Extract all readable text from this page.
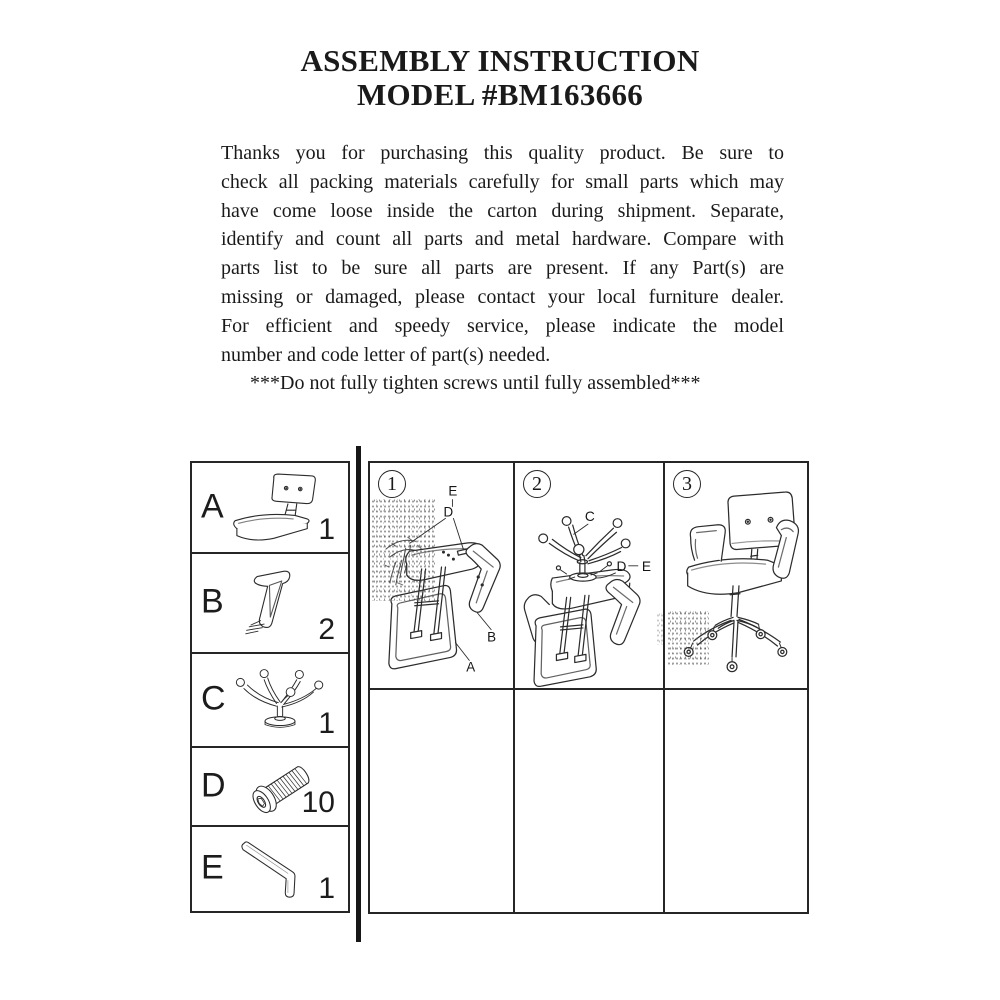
ASSEMBLY INSTRUCTION
MODEL #BM163666
Thanks you for purchasing this quality product. Be sure to
check all packing materials carefully for small parts which may
have come loose inside the carton during shipment. Separate,
identify and count all parts and metal hardware. Compare with
parts list to be sure all parts are present. If any Part(s) are
missing or damaged, please contact your local furniture dealer.
For efficient and speedy service, please indicate the model
number and code letter of part(s) needed.
***Do not fully tighten screws until fully assembled***
A
1
B
2
C
1
D	10
E
1
1	E
D
B
A
2
C
D E
3
